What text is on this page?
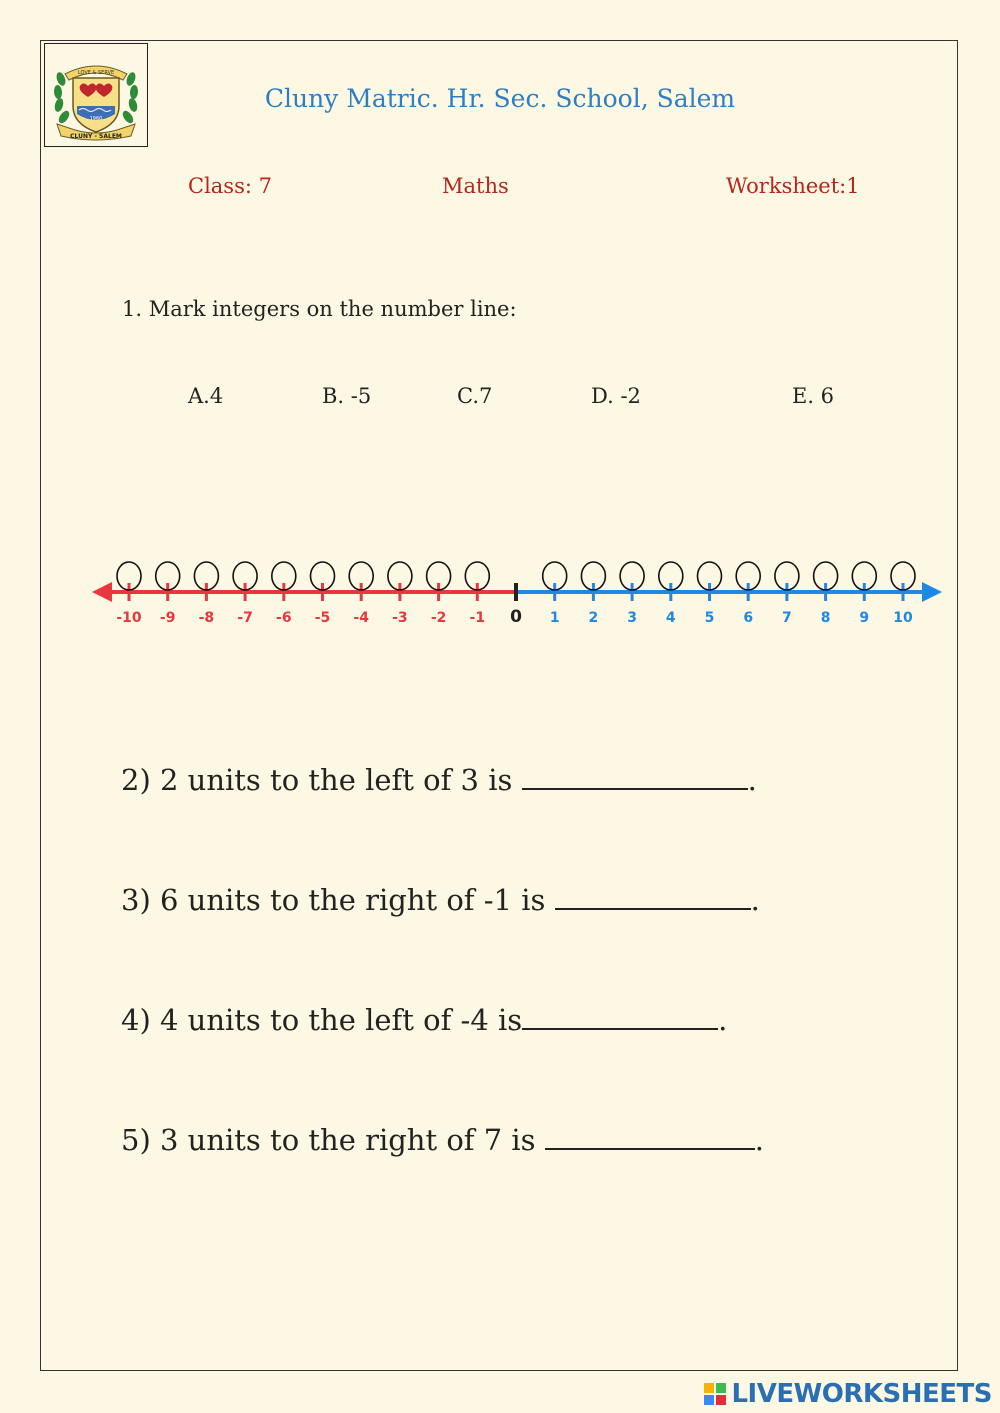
LOVE & SERVE
1960
CLUNY - SALEM
Cluny Matric. Hr. Sec. School, Salem
Class: 7	Maths	Worksheet:1
1. Mark integers on the number line:
A.4	B. -5	C.7	D. -2	E. 6
-10 -9 -8 -7 -6 -5 -4 -3 -2 -1 0 1 2 3 4 5 6 7 8 9 10
2) 2 units to the left of 3 is	.
3) 6 units to the right of -1 is	.
4) 4 units to the left of -4 is	.
5) 3 units to the right of 7 is	.
LIVEWORKSHEETS
